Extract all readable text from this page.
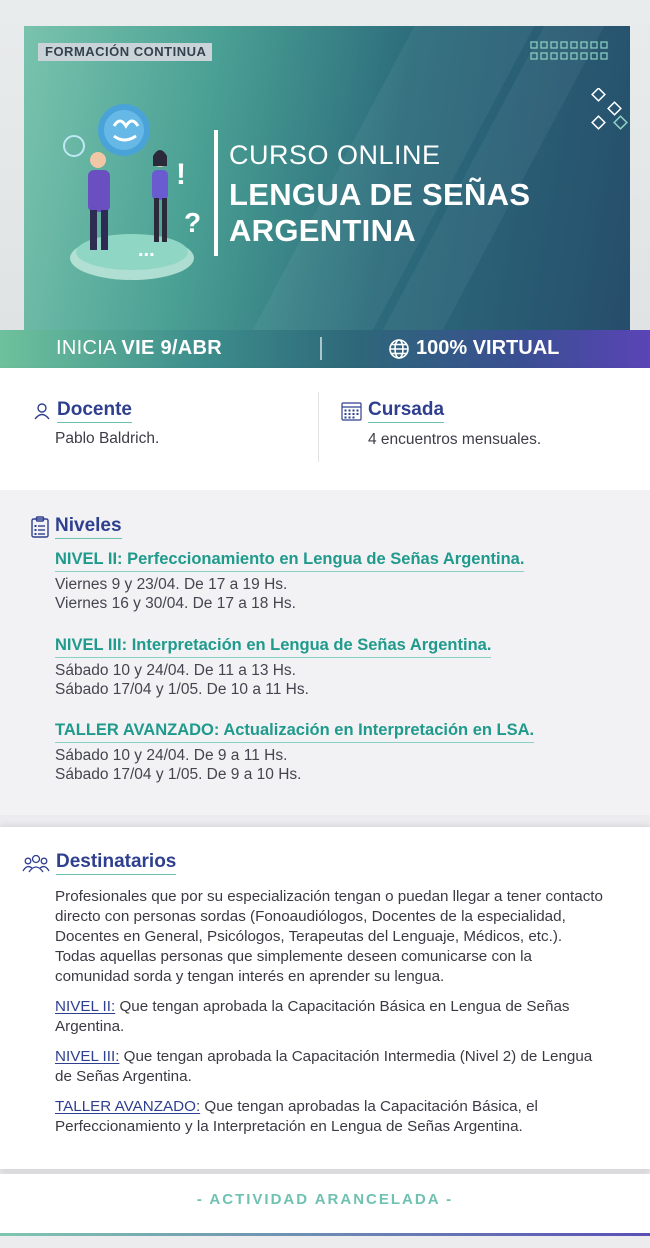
FORMACIÓN CONTINUA
!
?
...
CURSO ONLINE
LENGUA DE SEÑAS
ARGENTINA
INICIA VIE 9/ABR	100% VIRTUAL
Docente
Pablo Baldrich.
Cursada
4 encuentros mensuales.
Niveles
NIVEL II: Perfeccionamiento en Lengua de Señas Argentina.
Viernes 9 y 23/04. De 17 a 19 Hs.
Viernes 16 y 30/04. De 17 a 18 Hs.
NIVEL III: Interpretación en Lengua de Señas Argentina.
Sábado 10 y 24/04. De 11 a 13 Hs.
Sábado 17/04 y 1/05. De 10 a 11 Hs.
TALLER AVANZADO: Actualización en Interpretación en LSA.
Sábado 10 y 24/04. De 9 a 11 Hs.
Sábado 17/04 y 1/05. De 9 a 10 Hs.
Destinatarios
Profesionales que por su especialización tengan o puedan llegar a tener contacto directo con personas sordas (Fonoaudiólogos, Docentes de la especialidad, Docentes en General, Psicólogos, Terapeutas del Lenguaje, Médicos, etc.). Todas aquellas personas que simplemente deseen comunicarse con la comunidad sorda y tengan interés en aprender su lengua.
NIVEL II: Que tengan aprobada la Capacitación Básica en Lengua de Señas Argentina.
NIVEL III: Que tengan aprobada la Capacitación Intermedia (Nivel 2) de Lengua de Señas Argentina.
TALLER AVANZADO: Que tengan aprobadas la Capacitación Básica, el Perfeccionamiento y la Interpretación en Lengua de Señas Argentina.
- ACTIVIDAD ARANCELADA -
